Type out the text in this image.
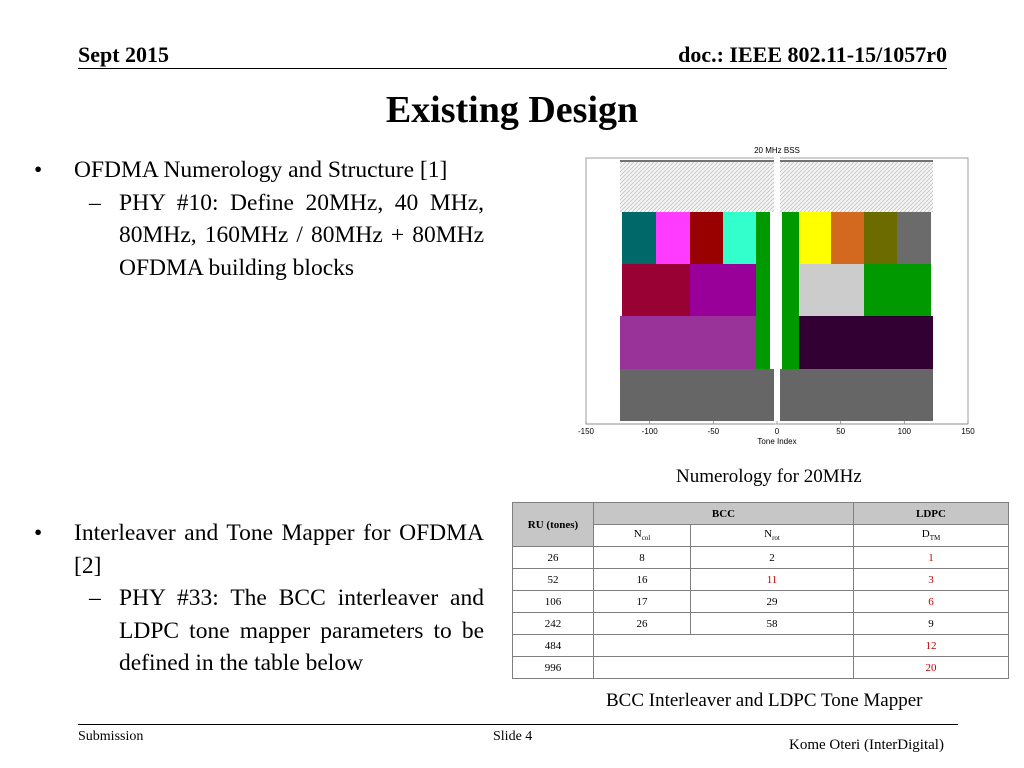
Sept 2015	doc.: IEEE 802.11-15/1057r0
Existing Design
• OFDMA Numerology and Structure [1]
– PHY #10: Define 20MHz, 40 MHz, 80MHz, 160MHz / 80MHz + 80MHz OFDMA building blocks
• Interleaver and Tone Mapper for OFDMA [2]
– PHY #33: The BCC interleaver and LDPC tone mapper parameters to be defined in the table below
20 MHz BSS
-150	-100	-50	0	50	100	150
Tone Index
Numerology for 20MHz
RU (tones)	BCC		LDPC
	$N_{col}$	$N_{rot}$	$D_{TM}$
26	8	2	1
52	16	11	3
106	17	29	6
242	26	58	9
484			12
996			20
BCC Interleaver and LDPC Tone Mapper
Submission	Slide 4
Kome Oteri (InterDigital)
